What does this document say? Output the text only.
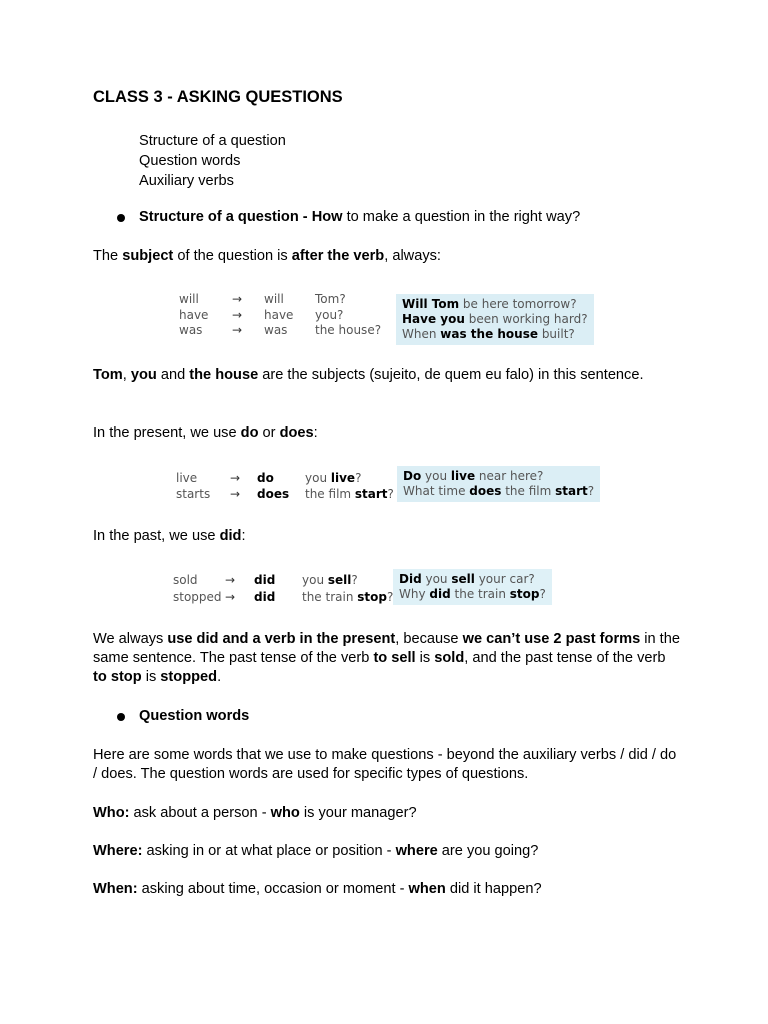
CLASS 3 - ASKING QUESTIONS
Structure of a question
Question words
Auxiliary verbs
Structure of a question - How to make a question in the right way?
The subject of the question is after the verb, always:
will	→ will	Tom?
have → have you?
was → was the house?
Will Tom be here tomorrow?
Have you been working hard?
When was the house built?
Tom, you and the house are the subjects (sujeito, de quem eu falo) in this sentence.
In the present, we use do or does:
live	→ do	you live?
starts → does the film start?
Do you live near here?
What time does the film start?
In the past, we use did:
sold → did you sell?
stopped → did the train stop?
Did you sell your car?
Why did the train stop?
We always use did and a verb in the present, because we can’t use 2 past forms in the same sentence. The past tense of the verb to sell is sold, and the past tense of the verb to stop is stopped.
Question words
Here are some words that we use to make questions - beyond the auxiliary verbs / did / do / does. The question words are used for specific types of questions.
Who: ask about a person - who is your manager?
Where: asking in or at what place or position - where are you going?
When: asking about time, occasion or moment - when did it happen?
